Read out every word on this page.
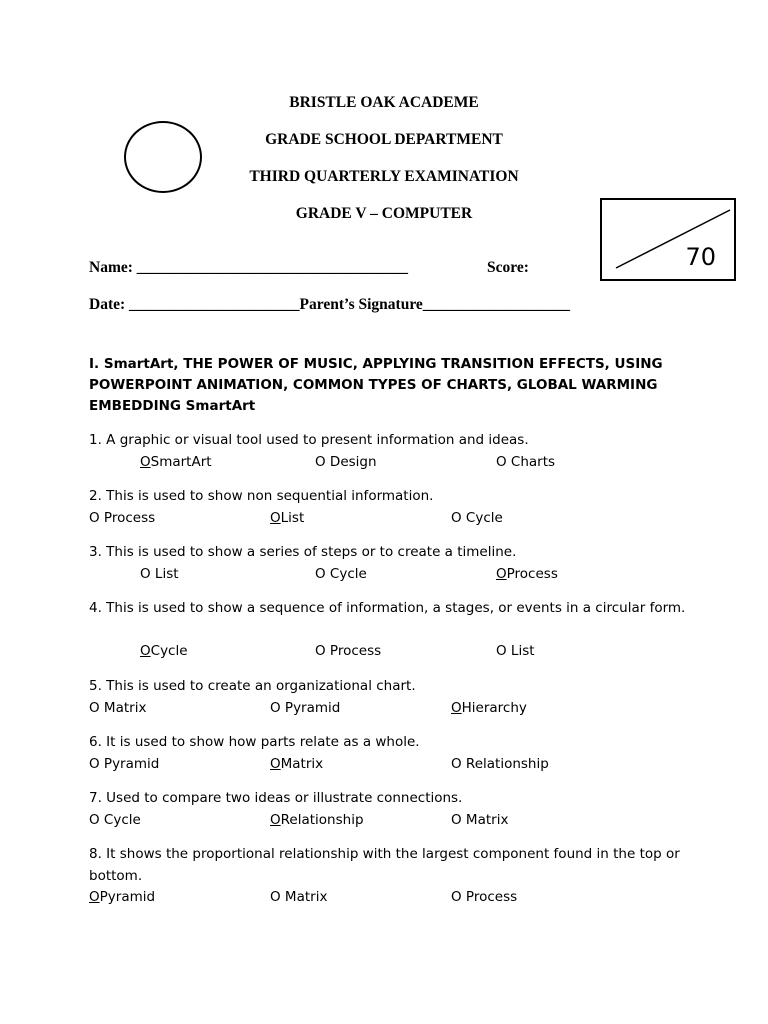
BRISTLE OAK ACADEME
GRADE SCHOOL DEPARTMENT
THIRD QUARTERLY EXAMINATION
GRADE V – COMPUTER
70
Name: ___________________________________	Score:
Date: ______________________Parent’s Signature___________________
I. SmartArt, THE POWER OF MUSIC, APPLYING TRANSITION EFFECTS, USING POWERPOINT ANIMATION, COMMON TYPES OF CHARTS, GLOBAL WARMING EMBEDDING SmartArt
1. A graphic or visual tool used to present information and ideas.
OSmartArt	O Design	O Charts
2. This is used to show non sequential information.
O Process	OList	O Cycle
3. This is used to show a series of steps or to create a timeline.
O List	O Cycle	OProcess
4. This is used to show a sequence of information, a stages, or events in a circular form.
OCycle	O Process	O List
5. This is used to create an organizational chart.
O Matrix	O Pyramid	OHierarchy
6. It is used to show how parts relate as a whole.
O Pyramid	OMatrix	O Relationship
7. Used to compare two ideas or illustrate connections.
O Cycle	ORelationship	O Matrix
8. It shows the proportional relationship with the largest component found in the top or bottom.
OPyramid	O Matrix	O Process
